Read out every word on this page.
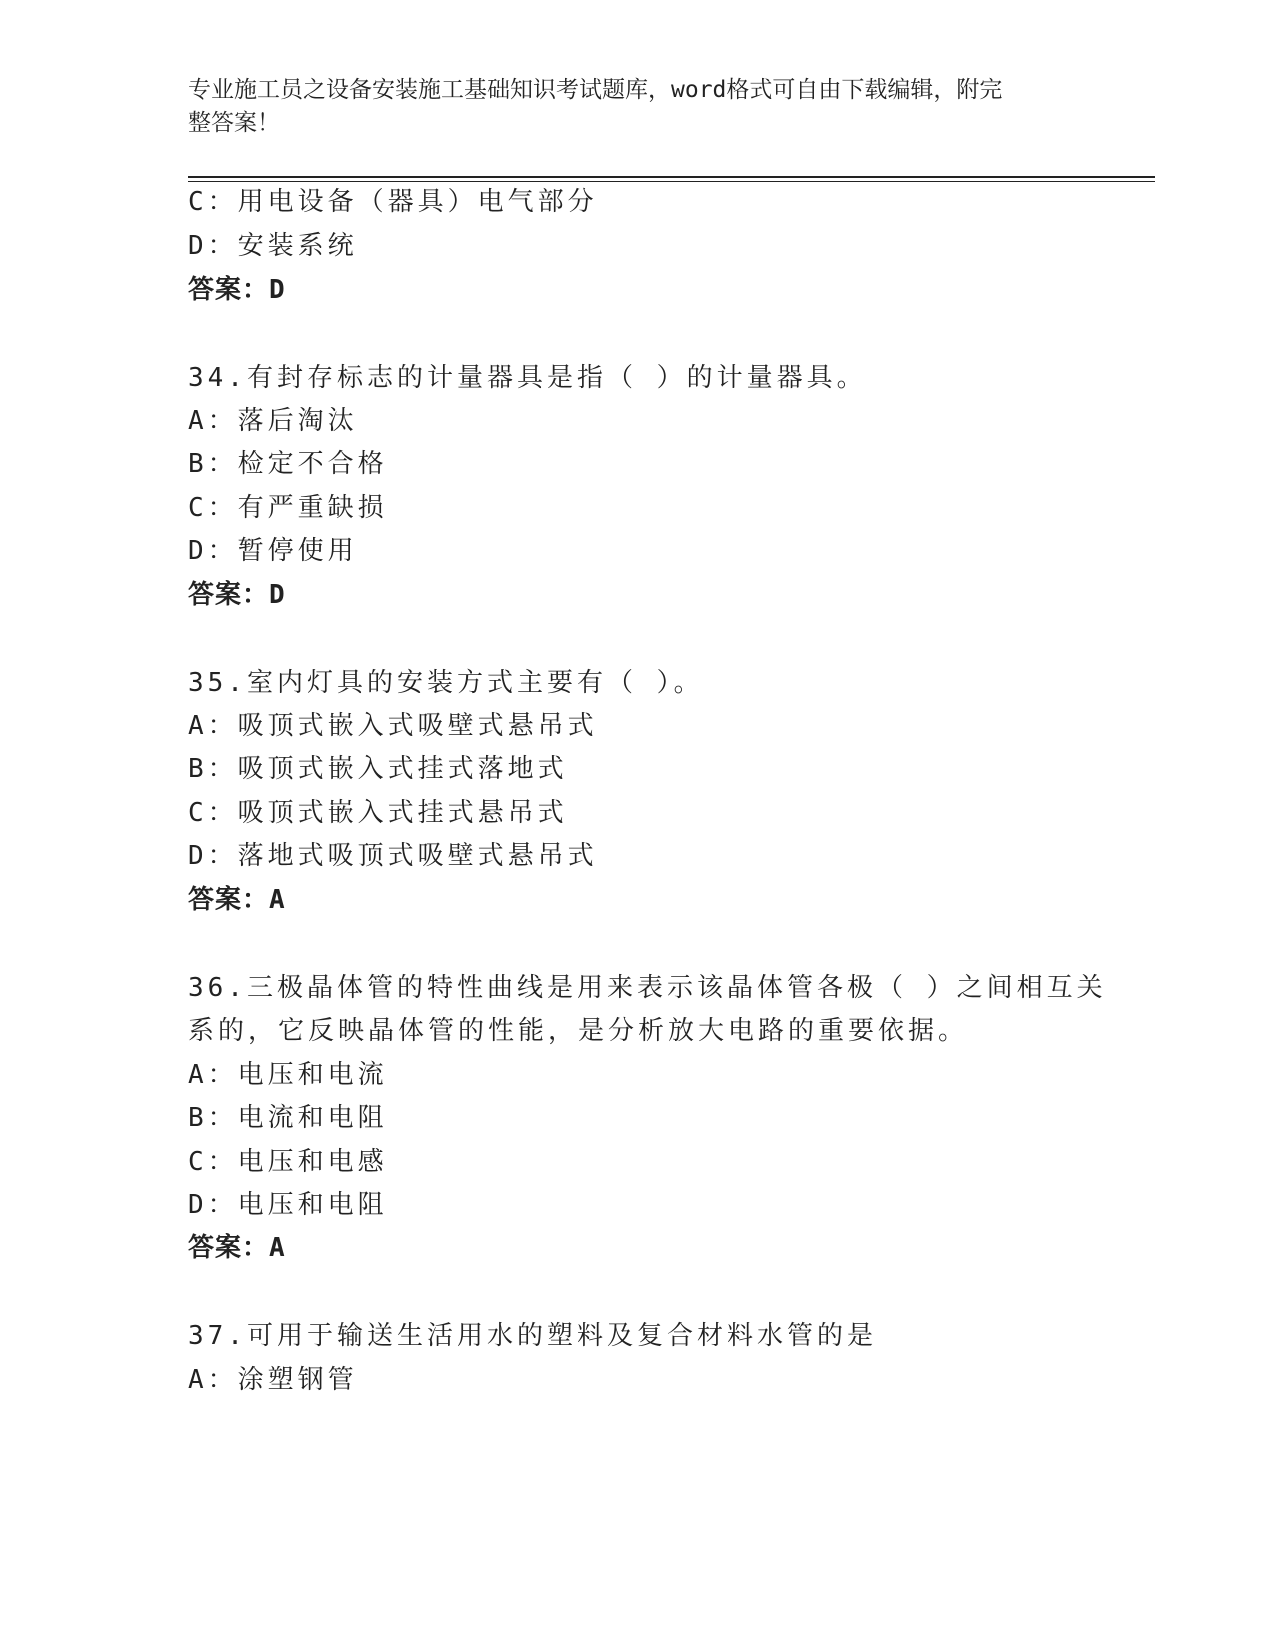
专业施工员之设备安装施工基础知识考试题库，word格式可自由下载编辑，附完
整答案！
C：用电设备（器具）电气部分
D：安装系统
答案：D
34.有封存标志的计量器具是指（ ）的计量器具。
A：落后淘汰
B：检定不合格
C：有严重缺损
D：暂停使用
答案：D
35.室内灯具的安装方式主要有（ ）。
A：吸顶式嵌入式吸壁式悬吊式
B：吸顶式嵌入式挂式落地式
C：吸顶式嵌入式挂式悬吊式
D：落地式吸顶式吸壁式悬吊式
答案：A
36.三极晶体管的特性曲线是用来表示该晶体管各极（ ）之间相互关
系的，它反映晶体管的性能，是分析放大电路的重要依据。
A：电压和电流
B：电流和电阻
C：电压和电感
D：电压和电阻
答案：A
37.可用于输送生活用水的塑料及复合材料水管的是
A：涂塑钢管
